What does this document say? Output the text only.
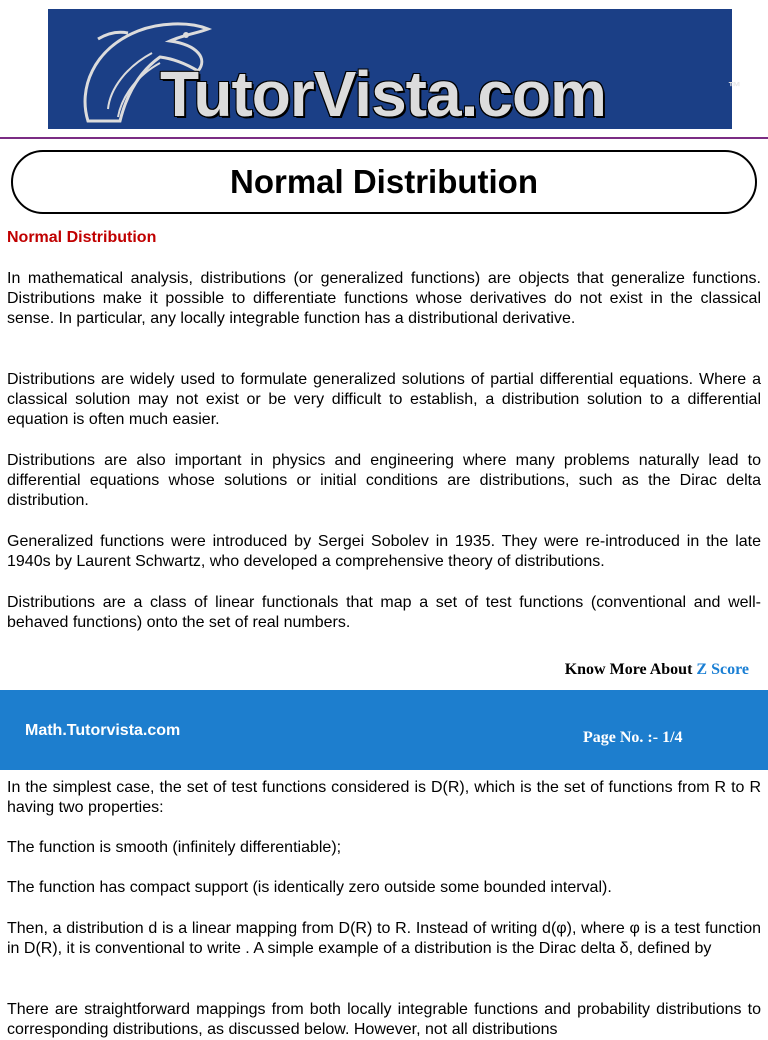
TutorVista.com	™
Normal Distribution
Normal Distribution

In mathematical analysis, distributions (or generalized functions) are objects that generalize functions. Distributions make it possible to differentiate functions whose derivatives do not exist in the classical sense. In particular, any locally integrable function has a distributional derivative.

Distributions are widely used to formulate generalized solutions of partial differential equations. Where a classical solution may not exist or be very difficult to establish, a distribution solution to a differential equation is often much easier.

Distributions are also important in physics and engineering where many problems naturally lead to differential equations whose solutions or initial conditions are distributions, such as the Dirac delta distribution.

Generalized functions were introduced by Sergei Sobolev in 1935. They were re-introduced in the late 1940s by Laurent Schwartz, who developed a comprehensive theory of distributions.

Distributions are a class of linear functionals that map a set of test functions (conventional and well-behaved functions) onto the set of real numbers.

Know More About Z Score
Math.Tutorvista.com	Page No. :- 1/4

In the simplest case, the set of test functions considered is D(R), which is the set of functions from R to R having two properties:

The function is smooth (infinitely differentiable);

The function has compact support (is identically zero outside some bounded interval).

Then, a distribution d is a linear mapping from D(R) to R. Instead of writing d(φ), where φ is a test function in D(R), it is conventional to write . A simple example of a distribution is the Dirac delta δ, defined by

There are straightforward mappings from both locally integrable functions and probability distributions to corresponding distributions, as discussed below. However, not all distributions
